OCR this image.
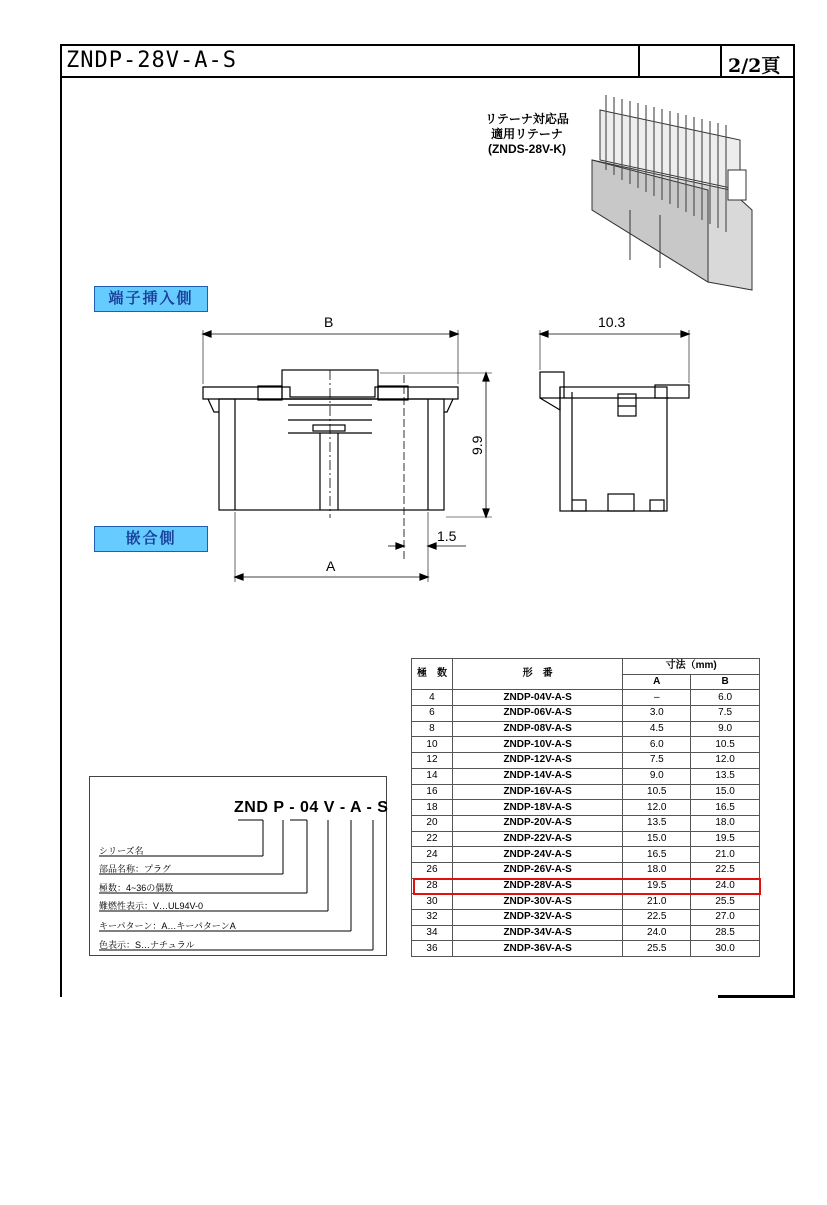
ZNDP-28V-A-S	2/2頁
リテーナ対応品
適用リテーナ
(ZNDS-28V-K)
B	10.3
A
1.5
9.9
端子挿入側
嵌合側
ZND P - 04 V - A - S
シリーズ名
部品名称：プラグ
極数：4~36の偶数
難燃性表示：V…UL94V-0
キーパターン：A…キーパターンA
色表示：S…ナチュラル
極　数	形　番	寸法（mm)	
		A	B
4	ZNDP-04V-A-S	–	6.0
6	ZNDP-06V-A-S	3.0	7.5
8	ZNDP-08V-A-S	4.5	9.0
10	ZNDP-10V-A-S	6.0	10.5
12	ZNDP-12V-A-S	7.5	12.0
14	ZNDP-14V-A-S	9.0	13.5
16	ZNDP-16V-A-S	10.5	15.0
18	ZNDP-18V-A-S	12.0	16.5
20	ZNDP-20V-A-S	13.5	18.0
22	ZNDP-22V-A-S	15.0	19.5
24	ZNDP-24V-A-S	16.5	21.0
26	ZNDP-26V-A-S	18.0	22.5
28	ZNDP-28V-A-S	19.5	24.0
30	ZNDP-30V-A-S	21.0	25.5
32	ZNDP-32V-A-S	22.5	27.0
34	ZNDP-34V-A-S	24.0	28.5
36	ZNDP-36V-A-S	25.5	30.0
